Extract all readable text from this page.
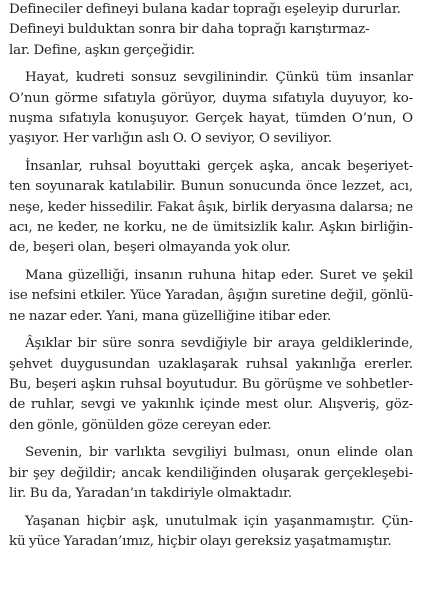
Defineciler defineyi bulana kadar toprağı eşeleyip dururlar. Defineyi bulduktan sonra bir daha toprağı karıştırmaz-
lar. Define, aşkın gerçeğidir.

Hayat, kudreti sonsuz sevgilinindir. Çünkü tüm insanlar
O’nun görme sıfatıyla görüyor, duyma sıfatıyla duyuyor, ko-
nuşma sıfatıyla konuşuyor. Gerçek hayat, tümden O’nun, O
yaşıyor. Her varlığın aslı O. O seviyor, O seviliyor.

İnsanlar, ruhsal boyuttaki gerçek aşka, ancak beşeriyet-
ten soyunarak katılabilir. Bunun sonucunda önce lezzet, acı,
neşe, keder hissedilir. Fakat âşık, birlik deryasına dalarsa; ne
acı, ne keder, ne korku, ne de ümitsizlik kalır. Aşkın birliğin-
de, beşeri olan, beşeri olmayanda yok olur.

Mana güzelliği, insanın ruhuna hitap eder. Suret ve şekil
ise nefsini etkiler. Yüce Yaradan, âşığın suretine değil, gönlü-
ne nazar eder. Yani, mana güzelliğine itibar eder.

Âşıklar bir süre sonra sevdiğiyle bir araya geldiklerinde,
şehvet duygusundan uzaklaşarak ruhsal yakınlığa ererler.
Bu, beşeri aşkın ruhsal boyutudur. Bu görüşme ve sohbetler-
de ruhlar, sevgi ve yakınlık içinde mest olur. Alışveriş, göz-
den gönle, gönülden göze cereyan eder.

Sevenin, bir varlıkta sevgiliyi bulması, onun elinde olan
bir şey değildir; ancak kendiliğinden oluşarak gerçekleşebi-
lir. Bu da, Yaradan’ın takdiriyle olmaktadır.

Yaşanan hiçbir aşk, unutulmak için yaşanmamıştır. Çün-
kü yüce Yaradan’ımız, hiçbir olayı gereksiz yaşatmamıştır.
